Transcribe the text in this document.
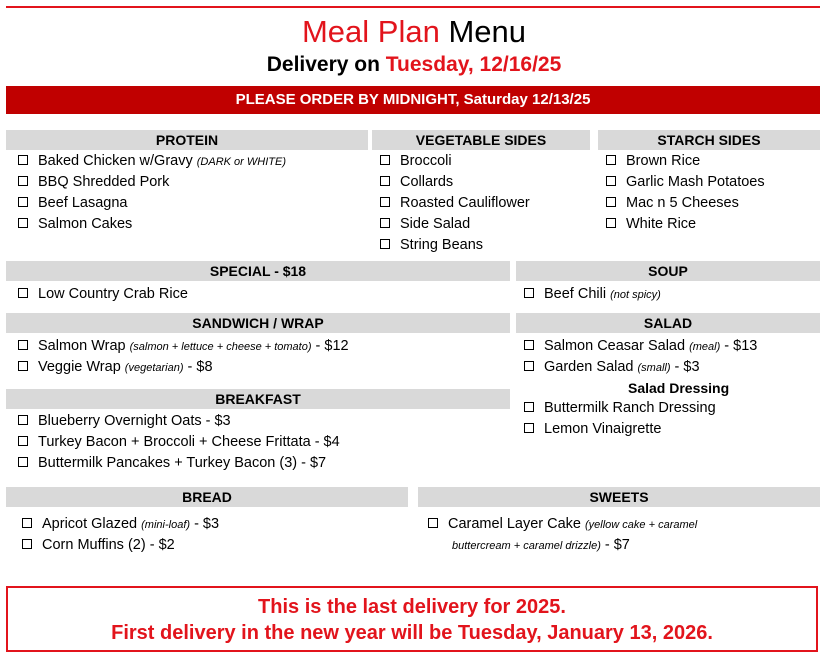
Meal Plan Menu
Delivery on Tuesday, 12/16/25
PLEASE ORDER BY MIDNIGHT, Saturday 12/13/25
PROTEIN	VEGETABLE SIDES	STARCH SIDES
Baked Chicken w/Gravy (DARK or WHITE)
BBQ Shredded Pork
Beef Lasagna
Salmon Cakes
Broccoli
Collards
Roasted Cauliflower
Side Salad
String Beans
Brown Rice
Garlic Mash Potatoes
Mac n 5 Cheeses
White Rice
SPECIAL - $18	SOUP
Low Country Crab Rice	Beef Chili (not spicy)
SANDWICH / WRAP	SALAD
Salmon Wrap (salmon + lettuce + cheese + tomato) - $12
Veggie Wrap (vegetarian) - $8
Salmon Ceasar Salad (meal) - $13
Garden Salad (small) - $3
Salad Dressing
Buttermilk Ranch Dressing
Lemon Vinaigrette
BREAKFAST
Blueberry Overnight Oats - $3
Turkey Bacon + Broccoli + Cheese Frittata - $4
Buttermilk Pancakes + Turkey Bacon (3) - $7
BREAD	SWEETS
Apricot Glazed (mini-loaf) - $3
Corn Muffins (2) - $2
Caramel Layer Cake (yellow cake + caramel
buttercream + caramel drizzle) - $7
This is the last delivery for 2025.
First delivery in the new year will be Tuesday, January 13, 2026.
